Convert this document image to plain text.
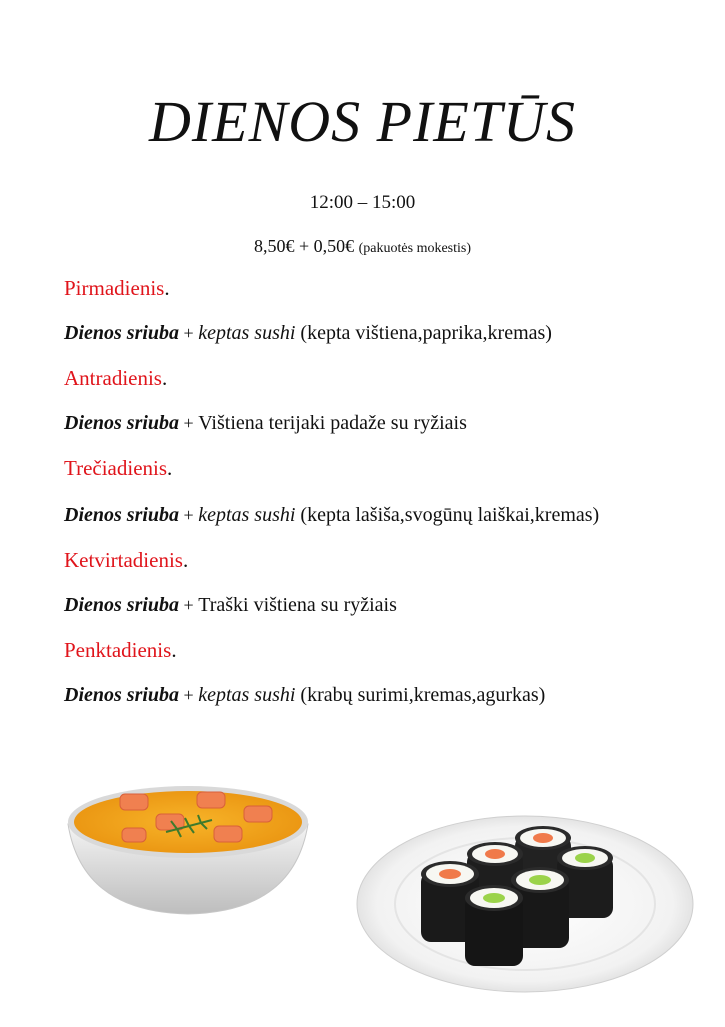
DIENOS PIETŪS
12:00 – 15:00
8,50€ + 0,50€ (pakuotės mokestis)
Pirmadienis.
Dienos sriuba + keptas sushi (kepta vištiena,paprika,kremas)
Antradienis.
Dienos sriuba + Vištiena terijaki padaže su ryžiais
Trečiadienis.
Dienos sriuba + keptas sushi (kepta lašiša,svogūnų laiškai,kremas)
Ketvirtadienis.
Dienos sriuba + Traški vištiena su ryžiais
Penktadienis.
Dienos sriuba + keptas sushi (krabų surimi,kremas,agurkas)
